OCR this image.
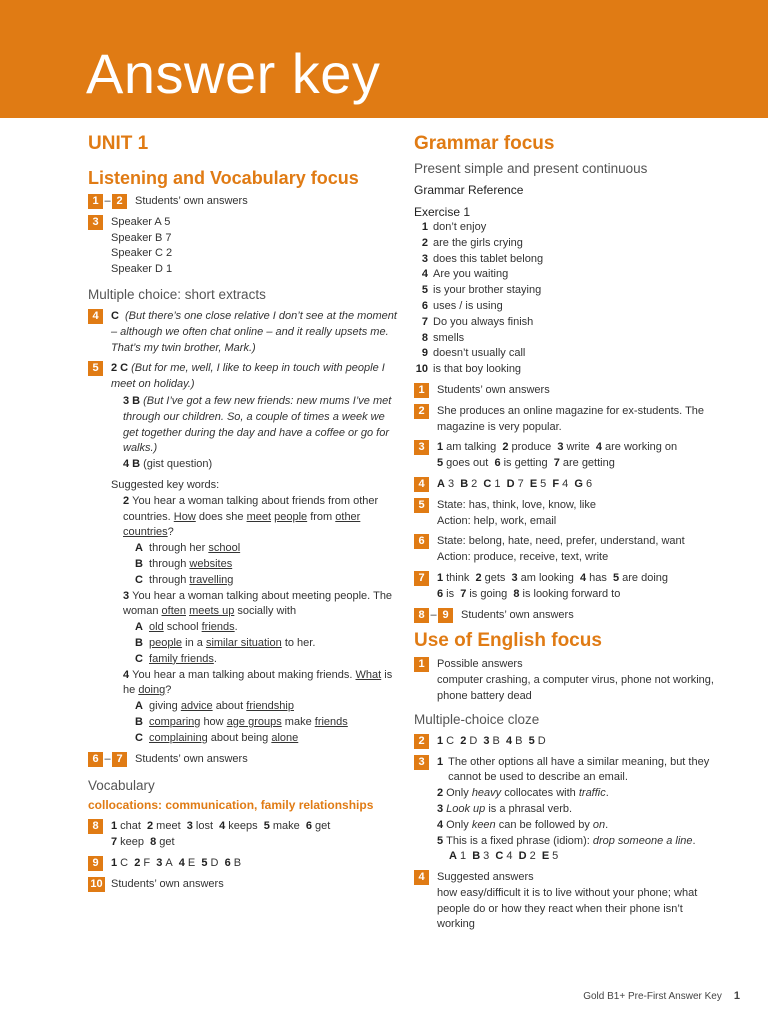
Answer key
UNIT 1
Listening and Vocabulary focus
1 – 2	Students’ own answers
3	Speaker A 5
Speaker B 7
Speaker C 2
Speaker D 1
Multiple choice: short extracts
4	C (But there’s one close relative I don’t see at the moment – although we often chat online – and it really upsets me. That’s my twin brother, Mark.)
5	2 C (But for me, well, I like to keep in touch with people I meet on holiday.)
3 B (But I’ve got a few new friends: new mums I’ve met through our children. So, a couple of times a week we get together during the day and have a coffee or go for walks.)
4 B (gist question)
Suggested key words:
2 You hear a woman talking about friends from other countries. How does she meet people from other countries?
A through her school
B through websites
C through travelling
3 You hear a woman talking about meeting people. The woman often meets up socially with
A old school friends.
B people in a similar situation to her.
C family friends.
4 You hear a man talking about making friends. What is he doing?
A giving advice about friendship
B comparing how age groups make friends
C complaining about being alone
6 – 7	Students’ own answers
Vocabulary
collocations: communication, family relationships
8	1 chat 2 meet 3 lost 4 keeps 5 make 6 get
7 keep 8 get
9	1 C 2 F 3 A 4 E 5 D 6 B
10 Students’ own answers
Grammar focus
Present simple and present continuous
Grammar Reference
Exercise 1
1 don’t enjoy
2 are the girls crying
3 does this tablet belong
4 Are you waiting
5 is your brother staying
6 uses / is using
7 Do you always finish
8 smells
9 doesn’t usually call
10 is that boy looking
1	Students’ own answers
2	She produces an online magazine for ex-students. The magazine is very popular.
3	1 am talking 2 produce 3 write 4 are working on
5 goes out 6 is getting 7 are getting
4	A 3 B 2 C 1 D 7 E 5 F 4 G 6
5	State: has, think, love, know, like
Action: help, work, email
6	State: belong, hate, need, prefer, understand, want
Action: produce, receive, text, write
7	1 think 2 gets 3 am looking 4 has 5 are doing
6 is 7 is going 8 is looking forward to
8 – 9	Students’ own answers
Use of English focus
1	Possible answers
computer crashing, a computer virus, phone not working, phone battery dead
Multiple-choice cloze
2	1 C 2 D 3 B 4 B 5 D
3	1 The other options all have a similar meaning, but they cannot be used to describe an email.
2 Only heavy collocates with traffic.
3 Look up is a phrasal verb.
4 Only keen can be followed by on.
5 This is a fixed phrase (idiom): drop someone a line.
A 1 B 3 C 4 D 2 E 5
4	Suggested answers
how easy/difficult it is to live without your phone; what people do or how they react when their phone isn’t working
Gold B1+ Pre-First Answer Key 1
